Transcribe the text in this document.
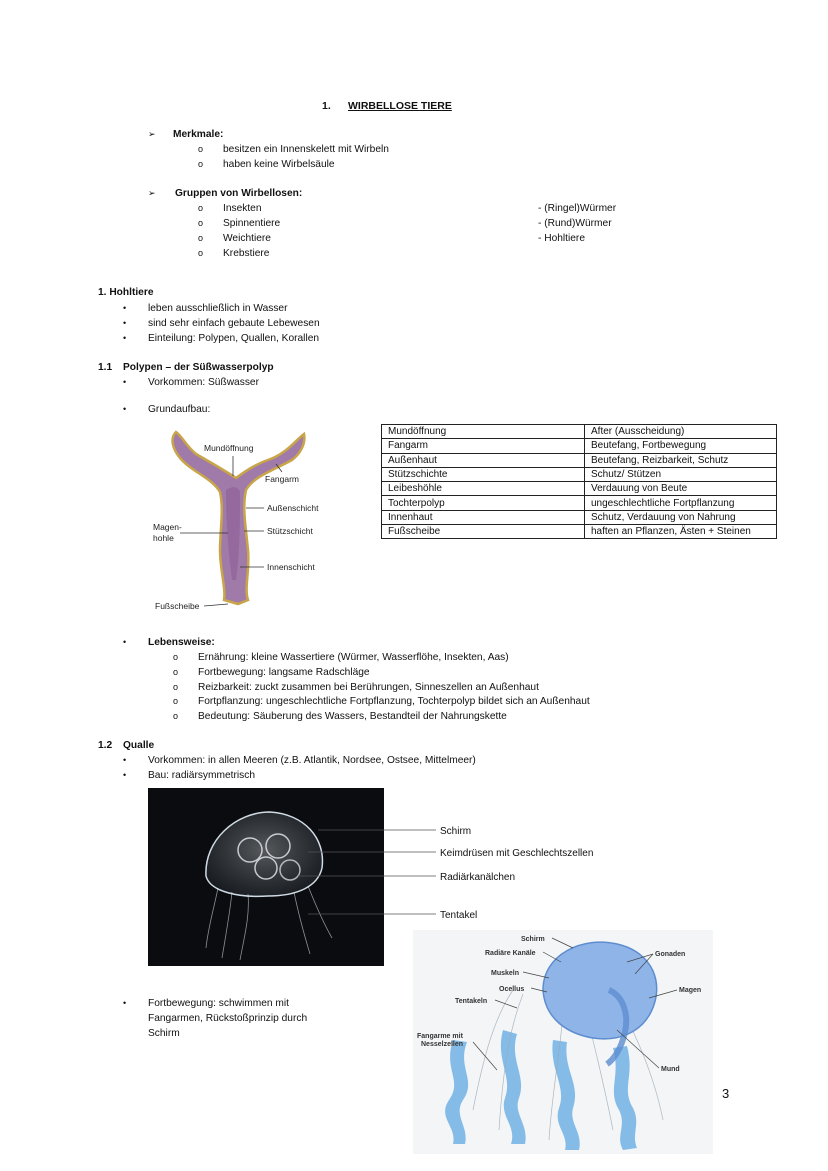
1. WIRBELLOSE TIERE
➢ Merkmale:
o besitzen ein Innenskelett mit Wirbeln
o haben keine Wirbelsäule
➢ Gruppen von Wirbellosen:
o Insekten
o Spinnentiere
o Weichtiere
o Krebstiere
- (Ringel)Würmer
- (Rund)Würmer
- Hohltiere
1. Hohltiere
• leben ausschließlich in Wasser
• sind sehr einfach gebaute Lebewesen
• Einteilung: Polypen, Quallen, Korallen
1.1 Polypen – der Süßwasserpolyp
• Vorkommen: Süßwasser
• Grundaufbau:
Mundöffnung
Fangarm
Außenschicht
Stützschicht
Magen-
hohle
Innenschicht
Fußscheibe
Mundöffnung	After (Ausscheidung)
Fangarm	Beutefang, Fortbewegung
Außenhaut	Beutefang, Reizbarkeit, Schutz
Stützschichte	Schutz/ Stützen
Leibeshöhle	Verdauung von Beute
Tochterpolyp	ungeschlechtliche Fortpflanzung
Innenhaut	Schutz, Verdauung von Nahrung
Fußscheibe	haften an Pflanzen, Ästen + Steinen
• Lebensweise:
o Ernährung: kleine Wassertiere (Würmer, Wasserflöhe, Insekten, Aas)
o Fortbewegung: langsame Radschläge
o Reizbarkeit: zuckt zusammen bei Berührungen, Sinneszellen an Außenhaut
o Fortpflanzung: ungeschlechtliche Fortpflanzung, Tochterpolyp bildet sich an Außenhaut
o Bedeutung: Säuberung des Wassers, Bestandteil der Nahrungskette
1.2 Qualle
• Vorkommen: in allen Meeren (z.B. Atlantik, Nordsee, Ostsee, Mittelmeer)
• Bau: radiärsymmetrisch
Schirm
Keimdrüsen mit Geschlechtszellen
Radiärkanälchen
Tentakel
• Fortbewegung: schwimmen mit
Fangarmen, Rückstoßprinzip durch
Schirm
Schirm
Radiäre Kanäle
Muskeln
Ocellus
Tentakeln
Fangarme mit
Nesselzellen
Gonaden
Magen
Mund
3
